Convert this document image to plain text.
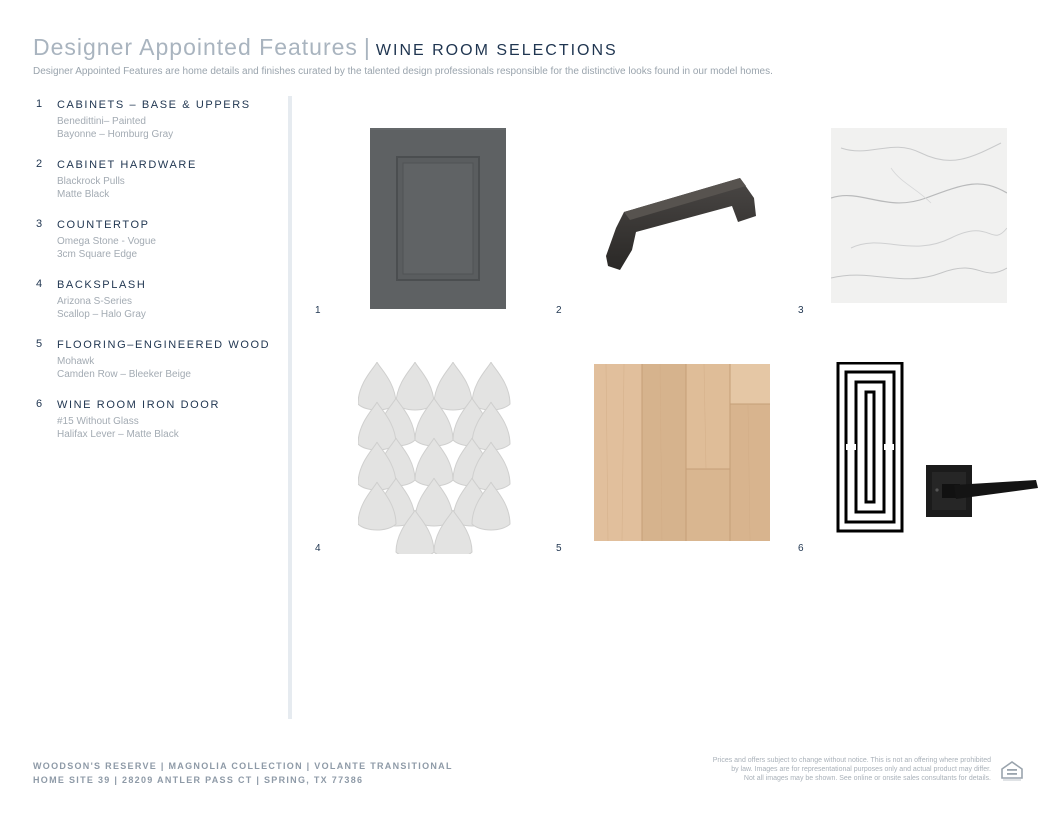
Designer Appointed Features | WINE ROOM SELECTIONS
Designer Appointed Features are home details and finishes curated by the talented design professionals responsible for the distinctive looks found in our model homes.
1 CABINETS – BASE & UPPERS
Benedittini– Painted
Bayonne – Homburg Gray
2 CABINET HARDWARE
Blackrock Pulls
Matte Black
3 COUNTERTOP
Omega Stone - Vogue
3cm Square Edge
4 BACKSPLASH
Arizona S-Series
Scallop – Halo Gray
5 FLOORING–ENGINEERED WOOD
Mohawk
Camden Row – Bleeker Beige
6 WINE ROOM IRON DOOR
#15 Without Glass
Halifax Lever – Matte Black
1	2	3
4	5	6
WOODSON'S RESERVE | MAGNOLIA COLLECTION | VOLANTE TRANSITIONAL
HOME SITE 39 | 28209 ANTLER PASS CT | SPRING, TX 77386
Prices and offers subject to change without notice. This is not an offering where prohibited
by law. Images are for representational purposes only and actual product may differ.
Not all images may be shown. See online or onsite sales consultants for details.
